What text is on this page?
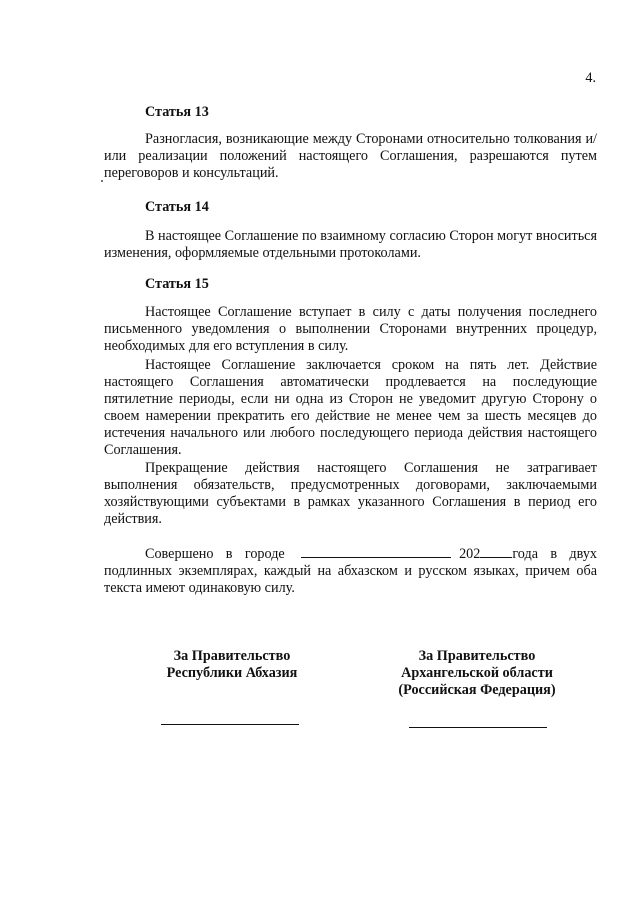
4.
Статья 13

Разногласия, возникающие между Сторонами относительно толкования и/или реализации положений настоящего Соглашения, разрешаются путем переговоров и консультаций.

Статья 14

В настоящее Соглашение по взаимному согласию Сторон могут вноситься изменения, оформляемые отдельными протоколами.

Статья 15

Настоящее Соглашение вступает в силу с даты получения последнего письменного уведомления о выполнении Сторонами внутренних процедур, необходимых для его вступления в силу.

Настоящее Соглашение заключается сроком на пять лет. Действие настоящего Соглашения автоматически продлевается на последующие пятилетние периоды, если ни одна из Сторон не уведомит другую Сторону о своем намерении прекратить его действие не менее чем за шесть месяцев до истечения начального или любого последующего периода действия настоящего Соглашения.

Прекращение действия настоящего Соглашения не затрагивает выполнения обязательств, предусмотренных договорами, заключаемыми хозяйствующими субъектами в рамках указанного Соглашения в период его действия.

Совершено в городе	202 года в двух подлинных экземплярах, каждый на абхазском и русском языках, причем оба текста имеют одинаковую силу.

За Правительство
Республики Абхазия
За Правительство
Архангельской области
(Российская Федерация)
